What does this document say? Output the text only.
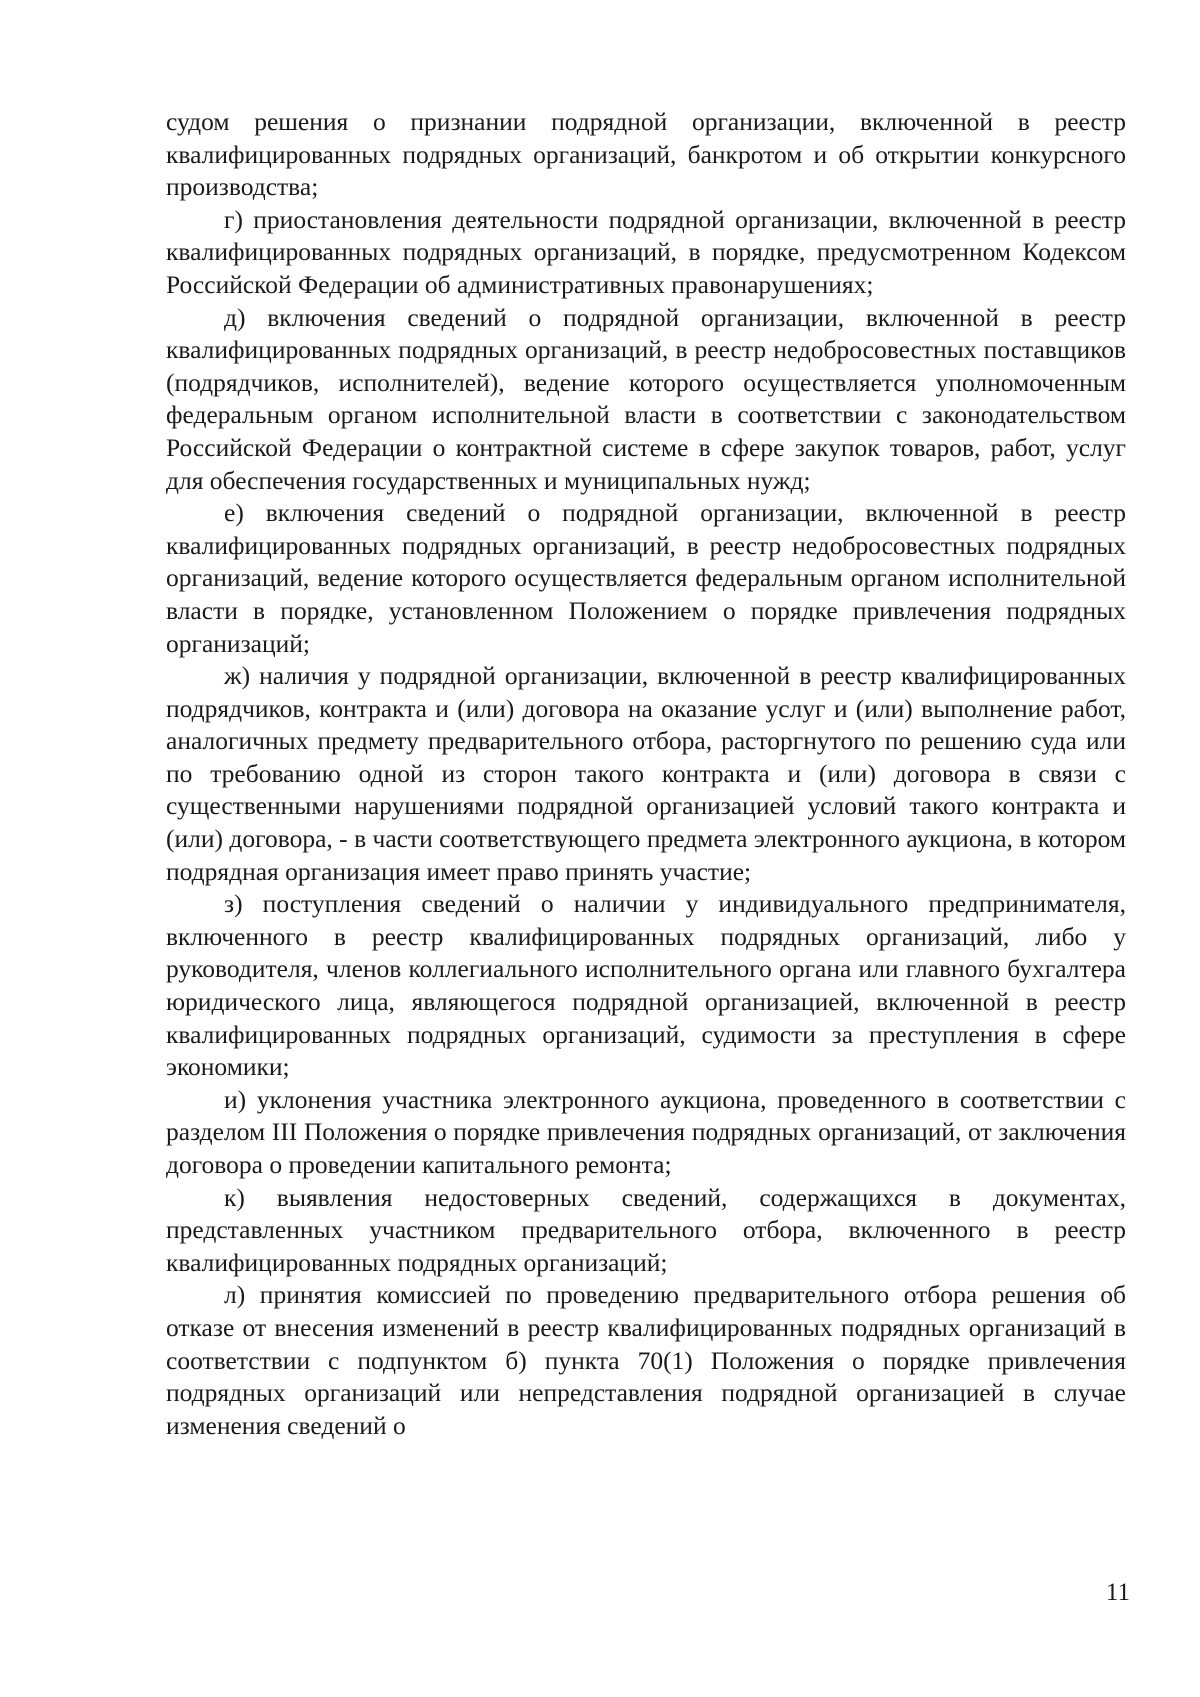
судом решения о признании подрядной организации, включенной в реестр квалифицированных подрядных организаций, банкротом и об открытии конкурсного производства;

г) приостановления деятельности подрядной организации, включенной в реестр квалифицированных подрядных организаций, в порядке, предусмотренном Кодексом Российской Федерации об административных правонарушениях;

д) включения сведений о подрядной организации, включенной в реестр квалифицированных подрядных организаций, в реестр недобросовестных поставщиков (подрядчиков, исполнителей), ведение которого осуществляется уполномоченным федеральным органом исполнительной власти в соответствии с законодательством Российской Федерации о контрактной системе в сфере закупок товаров, работ, услуг для обеспечения государственных и муниципальных нужд;

е) включения сведений о подрядной организации, включенной в реестр квалифицированных подрядных организаций, в реестр недобросовестных подрядных организаций, ведение которого осуществляется федеральным органом исполнительной власти в порядке, установленном Положением о порядке привлечения подрядных организаций;

ж) наличия у подрядной организации, включенной в реестр квалифицированных подрядчиков, контракта и (или) договора на оказание услуг и (или) выполнение работ, аналогичных предмету предварительного отбора, расторгнутого по решению суда или по требованию одной из сторон такого контракта и (или) договора в связи с существенными нарушениями подрядной организацией условий такого контракта и (или) договора, - в части соответствующего предмета электронного аукциона, в котором подрядная организация имеет право принять участие;

з) поступления сведений о наличии у индивидуального предпринимателя, включенного в реестр квалифицированных подрядных организаций, либо у руководителя, членов коллегиального исполнительного органа или главного бухгалтера юридического лица, являющегося подрядной организацией, включенной в реестр квалифицированных подрядных организаций, судимости за преступления в сфере экономики;

и) уклонения участника электронного аукциона, проведенного в соответствии с разделом III Положения о порядке привлечения подрядных организаций, от заключения договора о проведении капитального ремонта;

к) выявления недостоверных сведений, содержащихся в документах, представленных участником предварительного отбора, включенного в реестр квалифицированных подрядных организаций;

л) принятия комиссией по проведению предварительного отбора решения об отказе от внесения изменений в реестр квалифицированных подрядных организаций в соответствии с подпунктом б) пункта 70(1) Положения о порядке привлечения подрядных организаций или непредставления подрядной организацией в случае изменения сведений о

11
